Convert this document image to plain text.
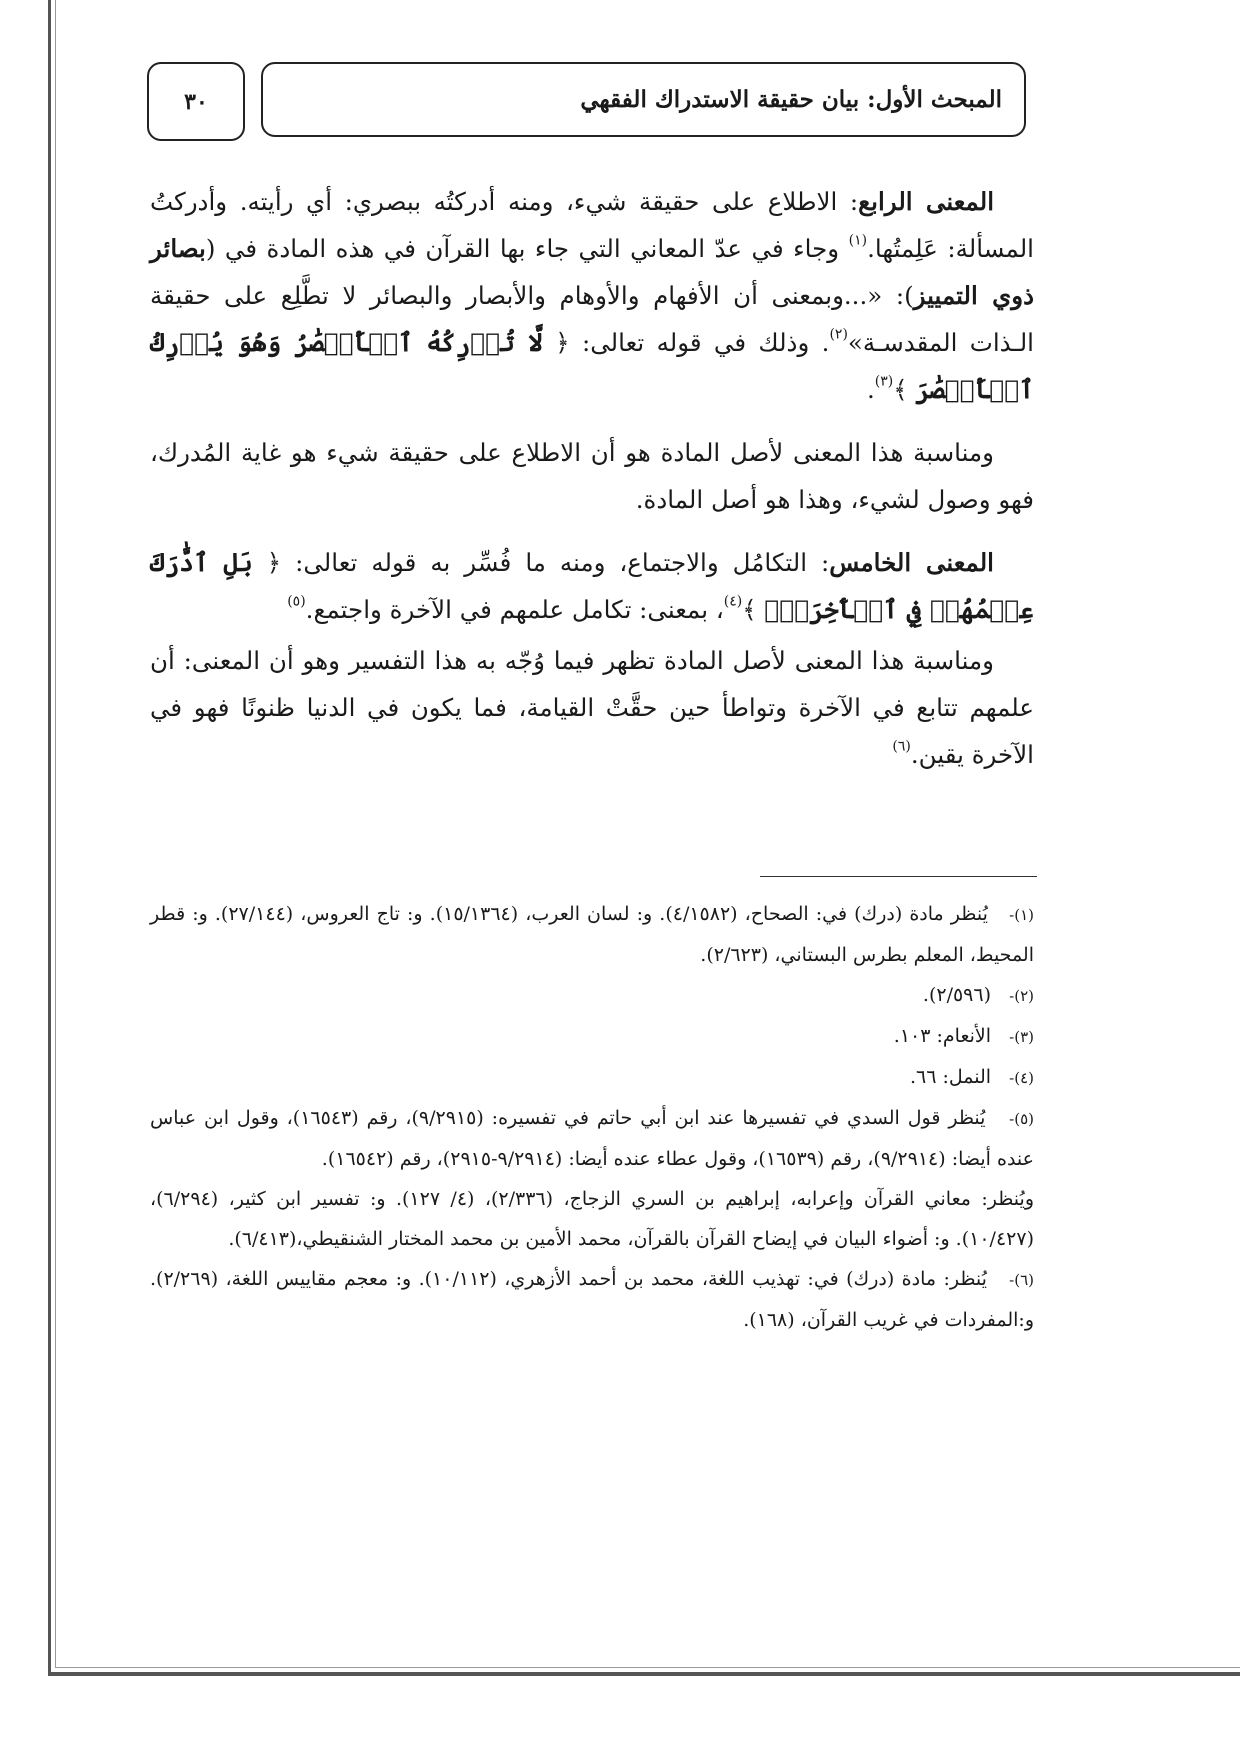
٣٠	المبحث الأول: بيان حقيقة الاستدراك الفقهي

المعنى الرابع: الاطلاع على حقيقة شيء، ومنه أدركتُه ببصري: أي رأيته. وأدركتُ المسألة: عَلِمتُها.$^{(١)}$ وجاء في عدّ المعاني التي جاء بها القرآن في هذه المادة في (بصائر ذوي التمييز): «...وبمعنى أن الأفهام والأوهام والأبصار والبصائر لا تطَّلِع على حقيقة الـذات المقدسـة»$^{(٢)}$. وذلك في قوله تعالى: ﴿ لَّا تُدۡرِكُهُ ٱلۡأَبۡصَٰرُ وَهُوَ يُدۡرِكُ ٱلۡأَبۡصَٰرَ ﴾$^{(٣)}$.

ومناسبة هذا المعنى لأصل المادة هو أن الاطلاع على حقيقة شيء هو غاية المُدرك، فهو وصول لشيء، وهذا هو أصل المادة.

المعنى الخامس: التكامُل والاجتماع، ومنه ما فُسِّر به قوله تعالى: ﴿ بَلِ ٱدَّٰرَكَ عِلۡمُهُمۡ فِي ٱلۡأٓخِرَةِۚ ﴾$^{(٤)}$، بمعنى: تكامل علمهم في الآخرة واجتمع.$^{(٥)}$

ومناسبة هذا المعنى لأصل المادة تظهر فيما وُجّه به هذا التفسير وهو أن المعنى: أن علمهم تتابع في الآخرة وتواطأ حين حقَّتْ القيامة، فما يكون في الدنيا ظنونًا فهو في الآخرة يقين.$^{(٦)}$

(١)-   يُنظر مادة (درك) في: الصحاح، (٤/١٥٨٢). و: لسان العرب، (١٥/١٣٦٤). و: تاج العروس، (٢٧/١٤٤). و: قطر المحيط، المعلم بطرس البستاني، (٢/٦٢٣).

(٢)-   (٢/٥٩٦).

(٣)-   الأنعام: ١٠٣.

(٤)-   النمل: ٦٦.

(٥)-   يُنظر قول السدي في تفسيرها عند ابن أبي حاتم في تفسيره: (٩/٢٩١٥)، رقم (١٦٥٤٣)، وقول ابن عباس عنده أيضا: (٩/٢٩١٤)، رقم (١٦٥٣٩)، وقول عطاء عنده أيضا: (٩/٢٩١٤-٢٩١٥)، رقم (١٦٥٤٢).

ويُنظر: معاني القرآن وإعرابه، إبراهيم بن السري الزجاج، (٢/٣٣٦)، (٤/ ١٢٧). و: تفسير ابن كثير، (٦/٢٩٤)، (١٠/٤٢٧). و: أضواء البيان في إيضاح القرآن بالقرآن، محمد الأمين بن محمد المختار الشنقيطي،(٦/٤١٣).

(٦)-   يُنظر: مادة (درك) في: تهذيب اللغة، محمد بن أحمد الأزهري، (١٠/١١٢). و: معجم مقاييس اللغة، (٢/٢٦٩). و:المفردات في غريب القرآن، (١٦٨).
